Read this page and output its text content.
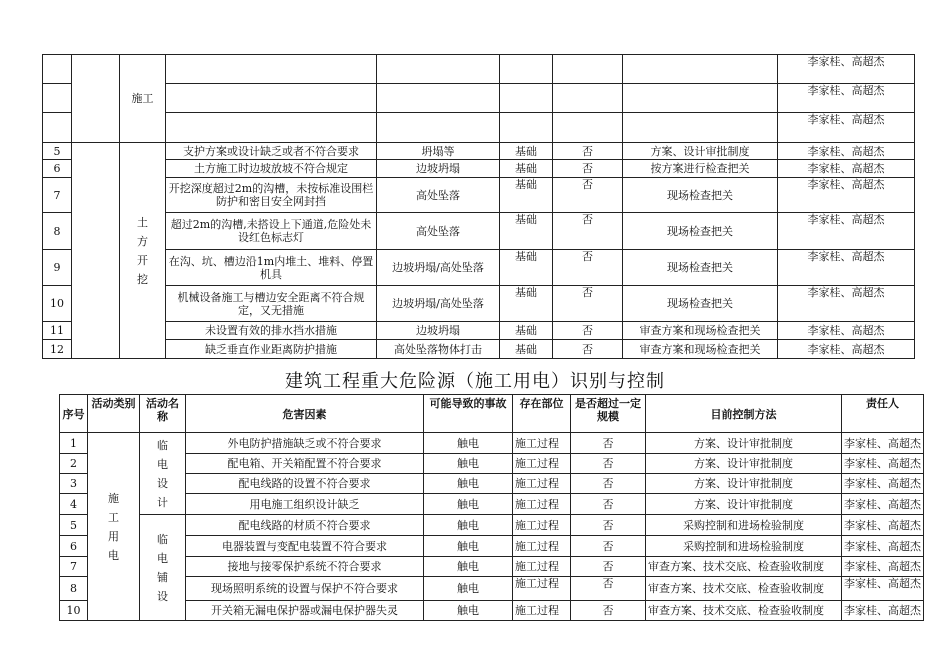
		施工						李家桂、高超杰
								李家桂、高超杰
								李家桂、高超杰
5		土方开挖	支护方案或设计缺乏或者不符合要求	坍塌等	基础	否	方案、设计审批制度	李家桂、高超杰
6			土方施工时边坡放坡不符合规定	边坡坍塌	基础	否	按方案进行检查把关	李家桂、高超杰
7			开挖深度超过2m的沟槽，未按标准设围栏防护和密目安全网封挡	高处坠落	基础	否	现场检查把关	李家桂、高超杰
8			超过2m的沟槽,未搭设上下通道,危险处未设红色标志灯	高处坠落	基础	否	现场检查把关	李家桂、高超杰
9			在沟、坑、槽边沿1m内堆土、堆料、停置机具	边坡坍塌/高处坠落	基础	否	现场检查把关	李家桂、高超杰
10			机械设备施工与槽边安全距离不符合规定，又无措施	边坡坍塌/高处坠落	基础	否	现场检查把关	李家桂、高超杰
11			未设置有效的排水挡水措施	边坡坍塌	基础	否	审查方案和现场检查把关	李家桂、高超杰
12			缺乏垂直作业距离防护措施	高处坠落物体打击	基础	否	审查方案和现场检查把关	李家桂、高超杰
建筑工程重大危险源（施工用电）识别与控制
序号	活动类别	活动名称	危害因素	可能导致的事故	存在部位	是否超过一定规模	目前控制方法	责任人
1	施工用电	临电设计	外电防护措施缺乏或不符合要求	触电	施工过程	否	方案、设计审批制度	李家桂、高超杰
2			配电箱、开关箱配置不符合要求	触电	施工过程	否	方案、设计审批制度	李家桂、高超杰
3			配电线路的设置不符合要求	触电	施工过程	否	方案、设计审批制度	李家桂、高超杰
4			用电施工组织设计缺乏	触电	施工过程	否	方案、设计审批制度	李家桂、高超杰
5		临电铺设	配电线路的材质不符合要求	触电	施工过程	否	采购控制和进场检验制度	李家桂、高超杰
6			电器装置与变配电装置不符合要求	触电	施工过程	否	采购控制和进场检验制度	李家桂、高超杰
7			接地与接零保护系统不符合要求	触电	施工过程	否	审查方案、技术交底、检查验收制度	李家桂、高超杰
8			现场照明系统的设置与保护不符合要求	触电	施工过程	否	审查方案、技术交底、检查验收制度	李家桂、高超杰
10			开关箱无漏电保护器或漏电保护器失灵	触电	施工过程	否	审查方案、技术交底、检查验收制度	李家桂、高超杰
